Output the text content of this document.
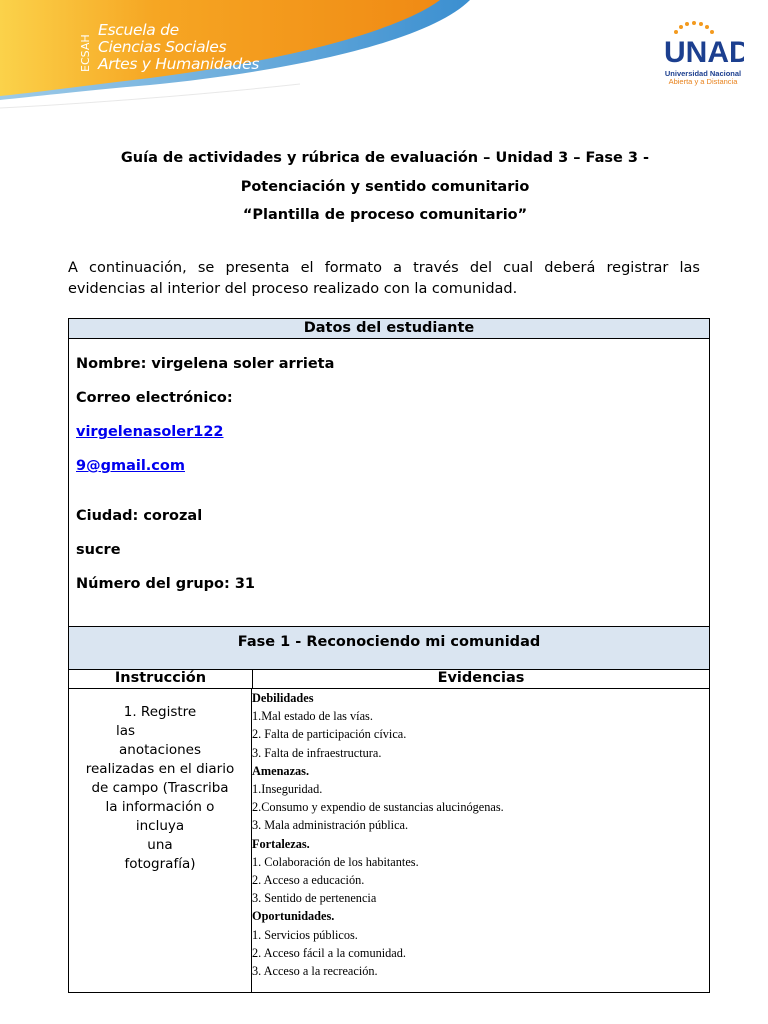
ECSAH
Escuela de
Ciencias Sociales
Artes y Humanidades	UNAD
Universidad Nacional
Abierta y a Distancia
Guía de actividades y rúbrica de evaluación – Unidad 3 – Fase 3 -
Potenciación y sentido comunitario
“Plantilla de proceso comunitario”
A continuación, se presenta el formato a través del cual deberá registrar las evidencias al interior del proceso realizado con la comunidad.
Datos del estudiante

Nombre: virgelena soler arrieta

Correo electrónico:

virgelenasoler122

9@gmail.com

Ciudad: corozal

sucre

Número del grupo: 31

Fase 1 - Reconociendo mi comunidad
Instrucción	Evidencias
1. Registre
las
anotaciones
realizadas en el diario
de campo (Trascriba
la información o
incluya
una
fotografía)
Debilidades
1.Mal estado de las vías.
2. Falta de participación cívica.
3. Falta de infraestructura.
Amenazas.
1.Inseguridad.
2.Consumo y expendio de sustancias alucinógenas.
3. Mala administración pública.
Fortalezas.
1. Colaboración de los habitantes.
2. Acceso a educación.
3. Sentido de pertenencia
Oportunidades.
1. Servicios públicos.
2. Acceso fácil a la comunidad.
3. Acceso a la recreación.
